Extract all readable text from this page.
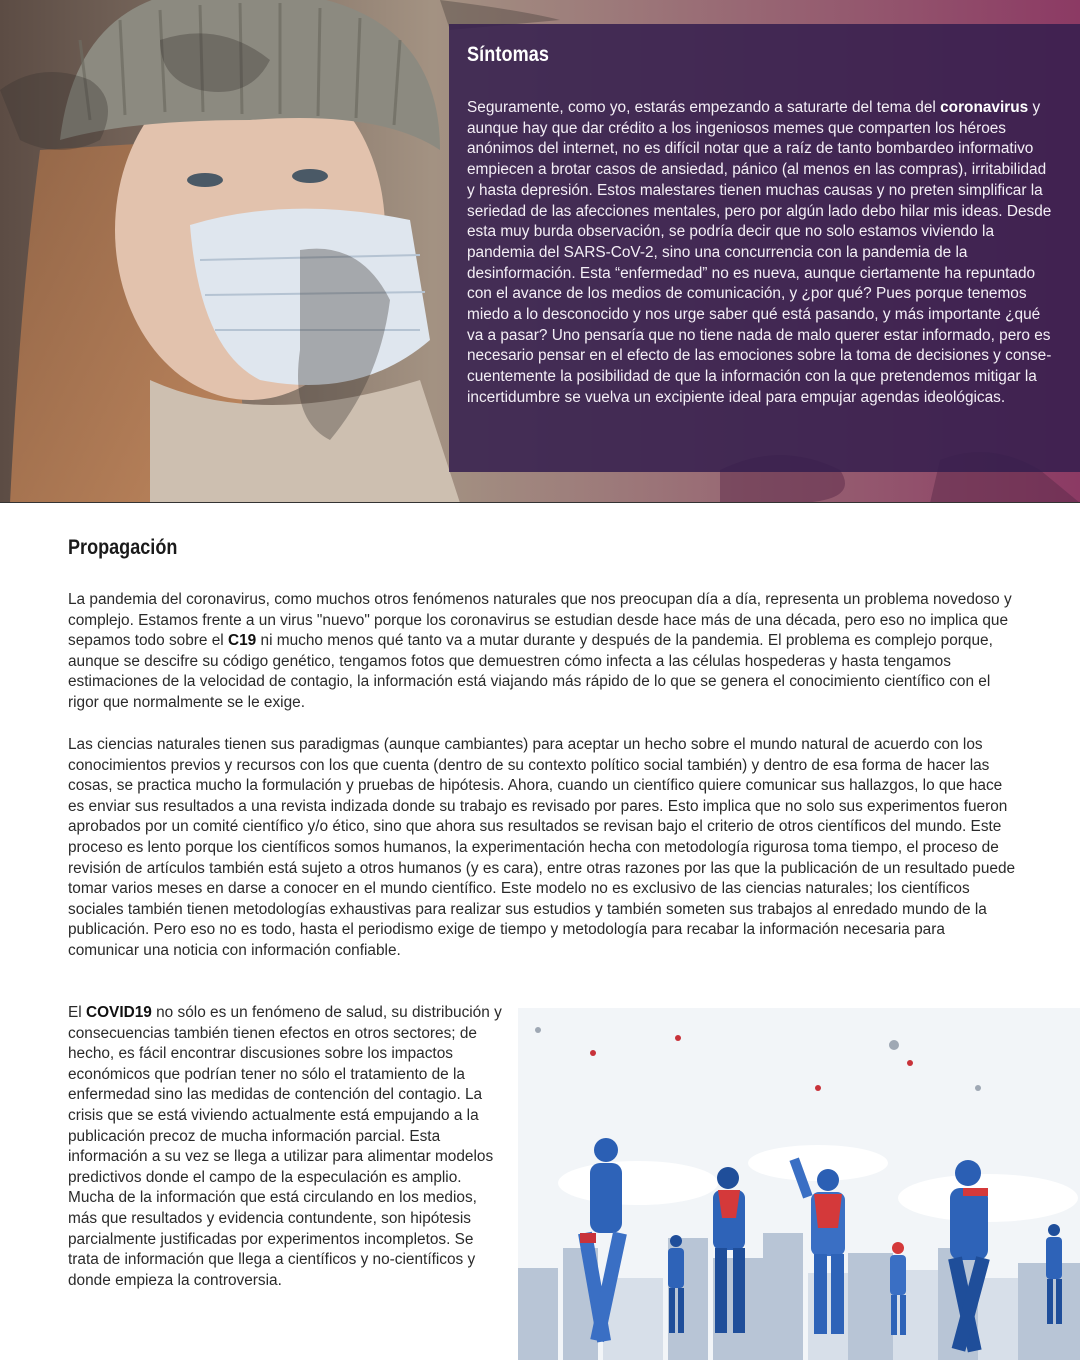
Síntomas

Seguramente, como yo, estarás empezando a saturarte del tema del coronavirus y aunque hay que dar crédito a los ingeniosos memes que comparten los héroes anónimos del internet, no es difícil notar que a raíz de tanto bombardeo informativo empiecen a brotar casos de ansiedad, pánico (al menos en las compras), irritabilidad y hasta depresión. Estos malestares tienen muchas causas y no preten simplificar la seriedad de las afecciones mentales, pero por algún lado debo hilar mis ideas. Desde esta muy burda observación, se podría decir que no solo estamos viviendo la pandemia del SARS-CoV-2, sino una concurrencia con la pandemia de la desinformación. Esta “enfermedad” no es nueva, aunque ciertamente ha repuntado con el avance de los medios de comunicación, y ¿por qué? Pues porque tenemos miedo a lo desconocido y nos urge saber qué está pasando, y más importante ¿qué va a pasar? Uno pensaría que no tiene nada de malo querer estar informado, pero es necesario pensar en el efecto de las emociones sobre la toma de decisiones y consecuentemente la posibilidad de que la información con la que pretendemos mitigar la incertidumbre se vuelva un excipiente ideal para empujar agendas ideológicas.

Propagación

La pandemia del coronavirus, como muchos otros fenómenos naturales que nos preocupan día a día, representa un problema novedoso y complejo. Estamos frente a un virus "nuevo" porque los coronavirus se estudian desde hace más de una década, pero eso no implica que sepamos todo sobre el C19 ni mucho menos qué tanto va a mutar durante y después de la pandemia. El problema es complejo porque, aunque se descifre su código genético, tengamos fotos que demuestren cómo infecta a las células hospederas y hasta tengamos estimaciones de la velocidad de contagio, la información está viajando más rápido de lo que se genera el conocimiento científico con el rigor que normalmente se le exige.

Las ciencias naturales tienen sus paradigmas (aunque cambiantes) para aceptar un hecho sobre el mundo natural de acuerdo con los conocimientos previos y recursos con los que cuenta (dentro de su contexto político social también) y dentro de esa forma de hacer las cosas, se practica mucho la formulación y pruebas de hipótesis. Ahora, cuando un científico quiere comunicar sus hallazgos, lo que hace es enviar sus resultados a una revista indizada donde su trabajo es revisado por pares. Esto implica que no solo sus experimentos fueron aprobados por un comité científico y/o ético, sino que ahora sus resultados se revisan bajo el criterio de otros científicos del mundo. Este proceso es lento porque los científicos somos humanos, la experimentación hecha con metodología rigurosa toma tiempo, el proceso de revisión de artículos también está sujeto a otros humanos (y es cara), entre otras razones por las que la publicación de un resultado puede tomar varios meses en darse a conocer en el mundo científico. Este modelo no es exclusivo de las ciencias naturales; los científicos sociales también tienen metodologías exhaustivas para realizar sus estudios y también someten sus trabajos al enredado mundo de la publicación. Pero eso no es todo, hasta el periodismo exige de tiempo y metodología para recabar la información necesaria para comunicar una noticia con información confiable.

El COVID19 no sólo es un fenómeno de salud, su distribución y consecuencias también tienen efectos en otros sectores; de hecho, es fácil encontrar discusiones sobre los impactos económicos que podrían tener no sólo el tratamiento de la enfermedad sino las medidas de contención del contagio. La crisis que se está viviendo actualmente está empujando a la publicación precoz de mucha información parcial. Esta información a su vez se llega a utilizar para alimentar modelos predictivos donde el campo de la especulación es amplio. Mucha de la información que está circulando en los medios, más que resultados y evidencia contundente, son hipótesis parcialmente justificadas por experimentos incompletos. Se trata de información que llega a científicos y no-científicos y donde empieza la controversia.
